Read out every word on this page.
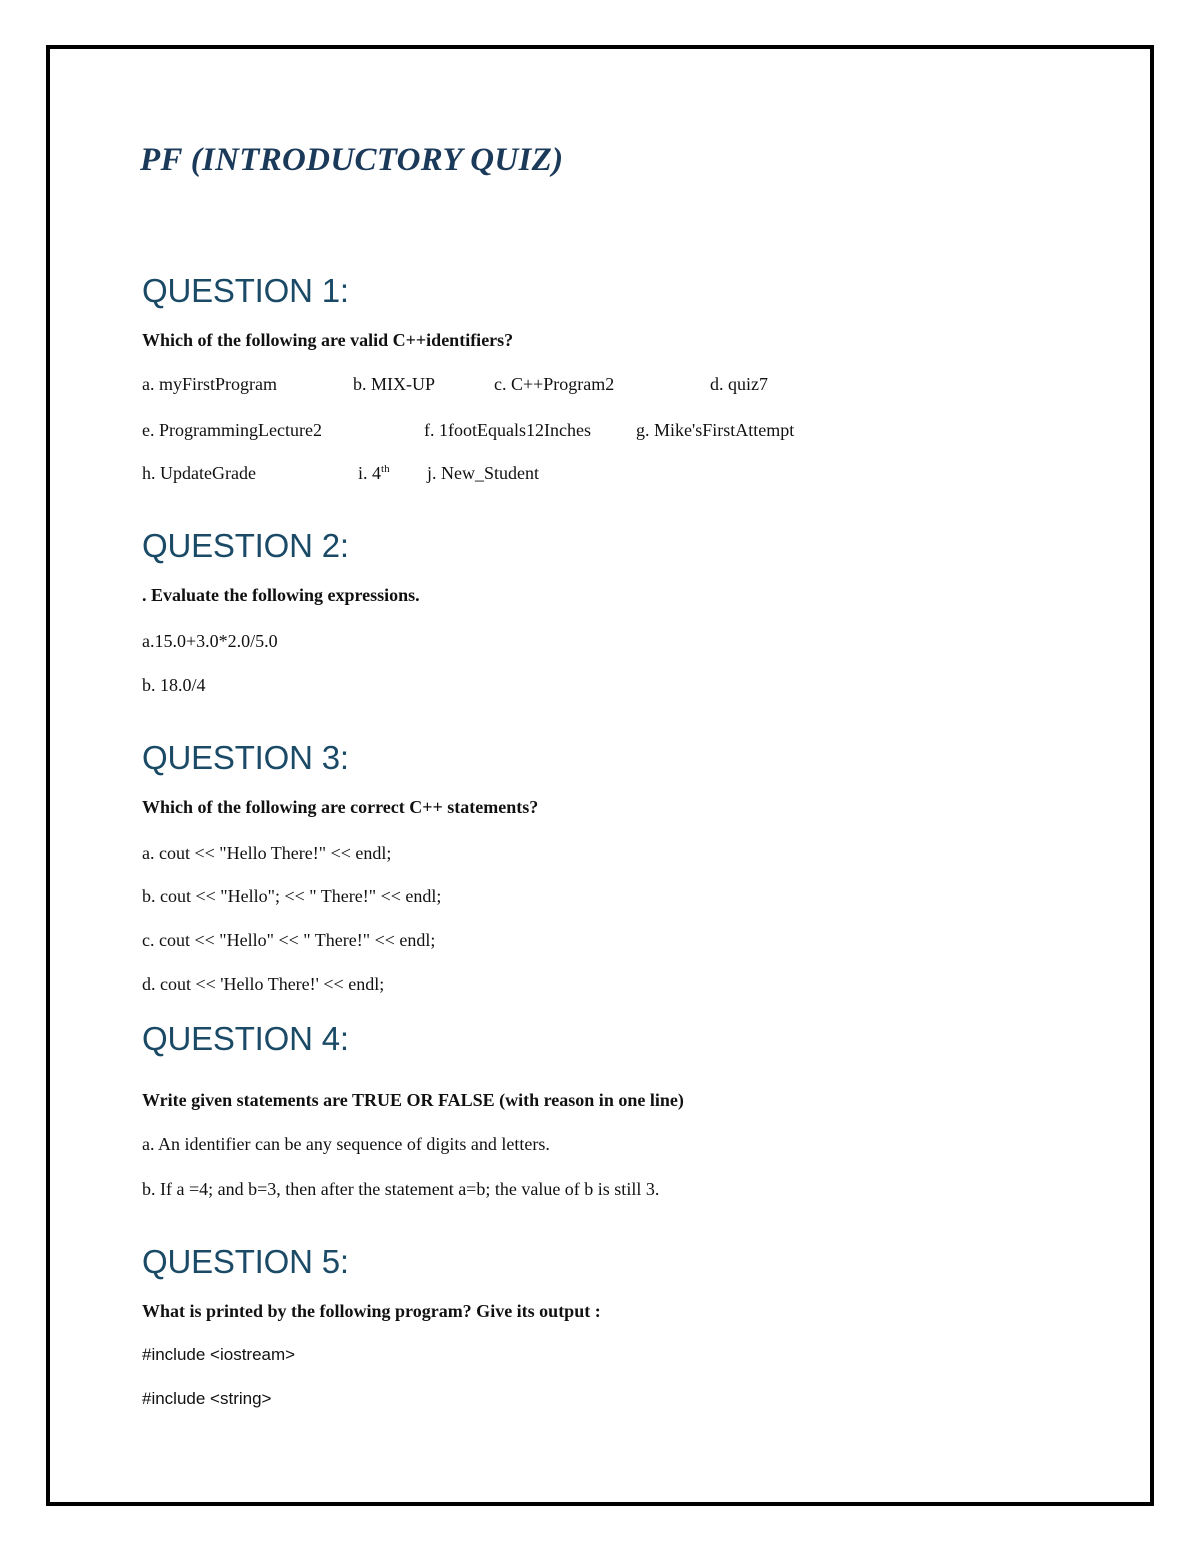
PF (INTRODUCTORY QUIZ)
QUESTION 1:

Which of the following are valid C++identifiers?

a. myFirstProgram	b. MIX-UP	c. C++Program2	d. quiz7
e. ProgrammingLecture2	f. 1footEquals12Inches	g. Mike'sFirstAttempt
h. UpdateGrade	i. 4th j. New_Student
QUESTION 2:

. Evaluate the following expressions.

a.15.0+3.0*2.0/5.0
b. 18.0/4
QUESTION 3:

Which of the following are correct C++ statements?

a. cout << "Hello There!" << endl;
b. cout << "Hello"; << " There!" << endl;
c. cout << "Hello" << " There!" << endl;
d. cout << 'Hello There!' << endl;
QUESTION 4:

Write given statements are TRUE OR FALSE (with reason in one line)

a. An identifier can be any sequence of digits and letters.
b. If a =4; and b=3, then after the statement a=b; the value of b is still 3.
QUESTION 5:

What is printed by the following program? Give its output :

#include <iostream>
#include <string>
